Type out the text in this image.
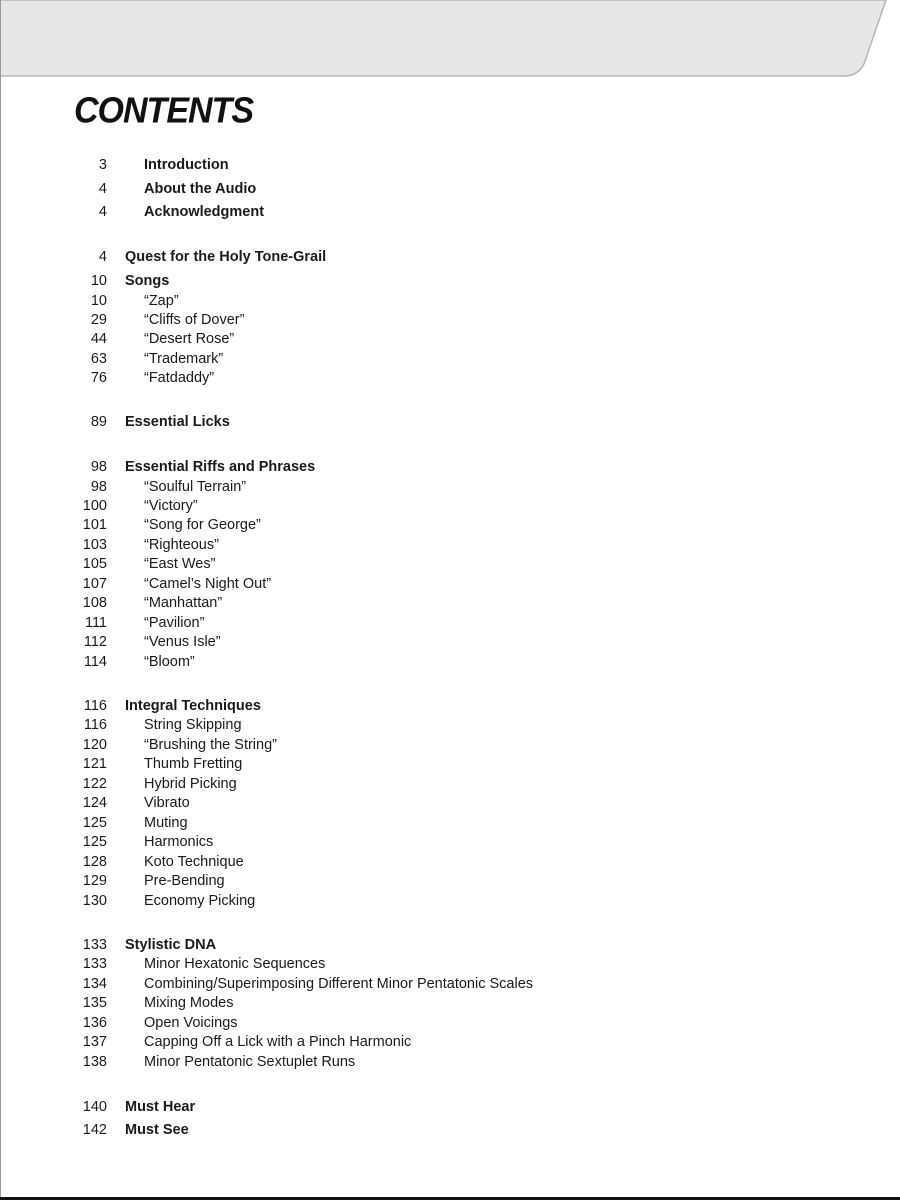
CONTENTS
3	Introduction
4	About the Audio
4	Acknowledgment
4 Quest for the Holy Tone-Grail
10 Songs
10	“Zap”
29	“Cliffs of Dover”
44	“Desert Rose”
63	“Trademark”
76	“Fatdaddy”
89 Essential Licks
98 Essential Riffs and Phrases
98	“Soulful Terrain”
100	“Victory”
101	“Song for George”
103	“Righteous”
105	“East Wes”
107	“Camel’s Night Out”
108	“Manhattan”
111	“Pavilion”
112	“Venus Isle”
114	“Bloom”
116 Integral Techniques
116	String Skipping
120	“Brushing the String”
121	Thumb Fretting
122	Hybrid Picking
124	Vibrato
125	Muting
125	Harmonics
128	Koto Technique
129	Pre-Bending
130	Economy Picking
133 Stylistic DNA
133	Minor Hexatonic Sequences
134	Combining/Superimposing Different Minor Pentatonic Scales
135	Mixing Modes
136	Open Voicings
137	Capping Off a Lick with a Pinch Harmonic
138	Minor Pentatonic Sextuplet Runs
140 Must Hear
142 Must See
